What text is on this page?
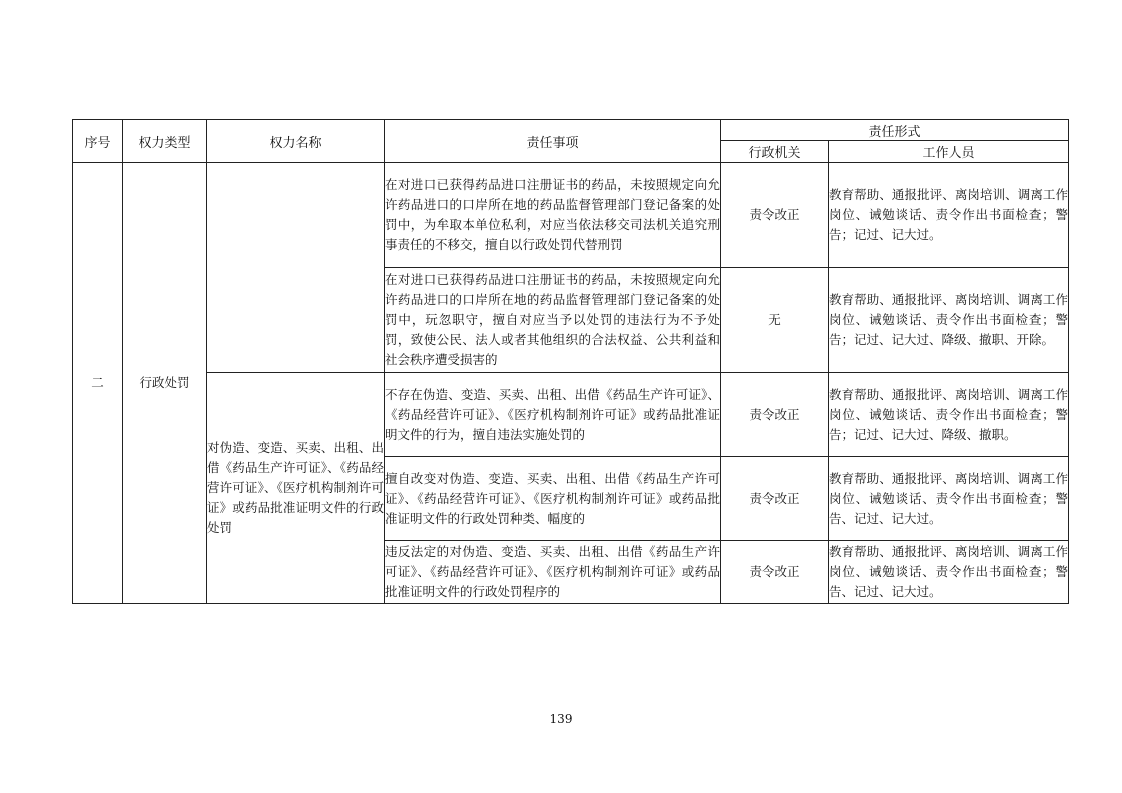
序号	权力类型	权力名称	责任事项	责任形式	
				行政机关	工作人员
二	行政处罚		在对进口已获得药品进口注册证书的药品，未按照规定向允许药品进口的口岸所在地的药品监督管理部门登记备案的处罚中，为牟取本单位私利，对应当依法移交司法机关追究刑事责任的不移交，擅自以行政处罚代替刑罚	责令改正	教育帮助、通报批评、离岗培训、调离工作岗位、诫勉谈话、责令作出书面检查；警告；记过、记大过。
			在对进口已获得药品进口注册证书的药品，未按照规定向允许药品进口的口岸所在地的药品监督管理部门登记备案的处罚中，玩忽职守，擅自对应当予以处罚的违法行为不予处罚，致使公民、法人或者其他组织的合法权益、公共利益和社会秩序遭受损害的	无	教育帮助、通报批评、离岗培训、调离工作岗位、诫勉谈话、责令作出书面检查；警告；记过、记大过、降级、撤职、开除。
		对伪造、变造、买卖、出租、出借《药品生产许可证》、《药品经营许可证》、《医疗机构制剂许可证》或药品批准证明文件的行政处罚	不存在伪造、变造、买卖、出租、出借《药品生产许可证》、《药品经营许可证》、《医疗机构制剂许可证》或药品批准证明文件的行为，擅自违法实施处罚的	责令改正	教育帮助、通报批评、离岗培训、调离工作岗位、诫勉谈话、责令作出书面检查；警告；记过、记大过、降级、撤职。
			擅自改变对伪造、变造、买卖、出租、出借《药品生产许可证》、《药品经营许可证》、《医疗机构制剂许可证》或药品批准证明文件的行政处罚种类、幅度的	责令改正	教育帮助、通报批评、离岗培训、调离工作岗位、诫勉谈话、责令作出书面检查；警告、记过、记大过。
			违反法定的对伪造、变造、买卖、出租、出借《药品生产许可证》、《药品经营许可证》、《医疗机构制剂许可证》或药品批准证明文件的行政处罚程序的	责令改正	教育帮助、通报批评、离岗培训、调离工作岗位、诫勉谈话、责令作出书面检查；警告、记过、记大过。
139
